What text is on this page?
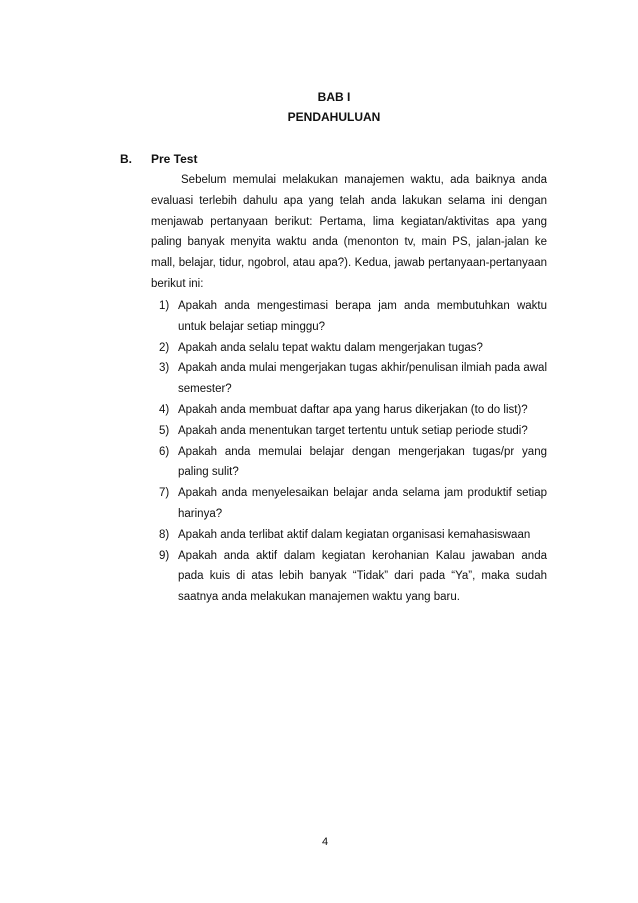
BAB I
PENDAHULUAN
B. Pre Test

Sebelum memulai melakukan manajemen waktu, ada baiknya anda evaluasi terlebih dahulu apa yang telah anda lakukan selama ini dengan menjawab pertanyaan berikut: Pertama, lima kegiatan/aktivitas apa yang paling banyak menyita waktu anda (menonton tv, main PS, jalan-jalan ke mall, belajar, tidur, ngobrol, atau apa?). Kedua, jawab pertanyaan-pertanyaan berikut ini:

1) Apakah anda mengestimasi berapa jam anda membutuhkan waktu untuk belajar setiap minggu?
2) Apakah anda selalu tepat waktu dalam mengerjakan tugas?
3) Apakah anda mulai mengerjakan tugas akhir/penulisan ilmiah pada awal semester?
4) Apakah anda membuat daftar apa yang harus dikerjakan (to do list)?
5) Apakah anda menentukan target tertentu untuk setiap periode studi?
6) Apakah anda memulai belajar dengan mengerjakan tugas/pr yang paling sulit?
7) Apakah anda menyelesaikan belajar anda selama jam produktif setiap harinya?
8) Apakah anda terlibat aktif dalam kegiatan organisasi kemahasiswaan
9) Apakah anda aktif dalam kegiatan kerohanian Kalau jawaban anda pada kuis di atas lebih banyak “Tidak” dari pada “Ya”, maka sudah saatnya anda melakukan manajemen waktu yang baru.
4
